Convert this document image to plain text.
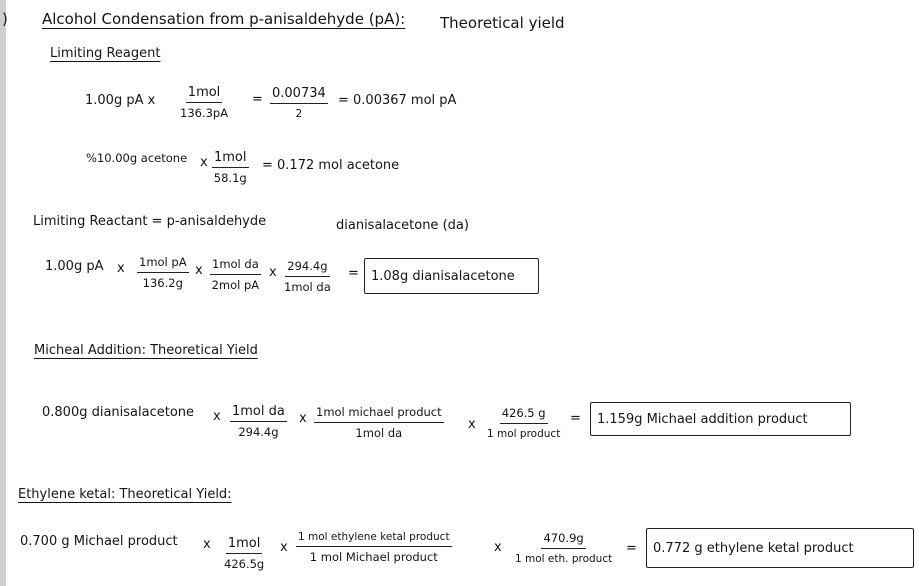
) Alcohol Condensation from p-anisaldehyde (pA): Theoretical yield
Limiting Reagent
1.00g pA x
1mol
136.3pA
= 0.00734
2
= 0.00367 mol pA
%10.00g acetone x 1mol
58.1g
= 0.172 mol acetone
Limiting Reactant = p-anisaldehyde	dianisalacetone (da)
1.00g pA x 1mol pA
136.2g
x 1mol da
2mol pA
x 294.4g
1mol da
= 1.08g dianisalacetone
Micheal Addition: Theoretical Yield
0.800g dianisalacetone x 1mol da
294.4g
x 1mol michael product
1mol da
x
426.5 g
1 mol product
= 1.159g Michael addition product
Ethylene ketal: Theoretical Yield:
0.700 g Michael product x 1mol
426.5g
x
1 mol ethylene ketal product
1 mol Michael product
x
470.9g
1 mol eth. product
= 0.772 g ethylene ketal product
